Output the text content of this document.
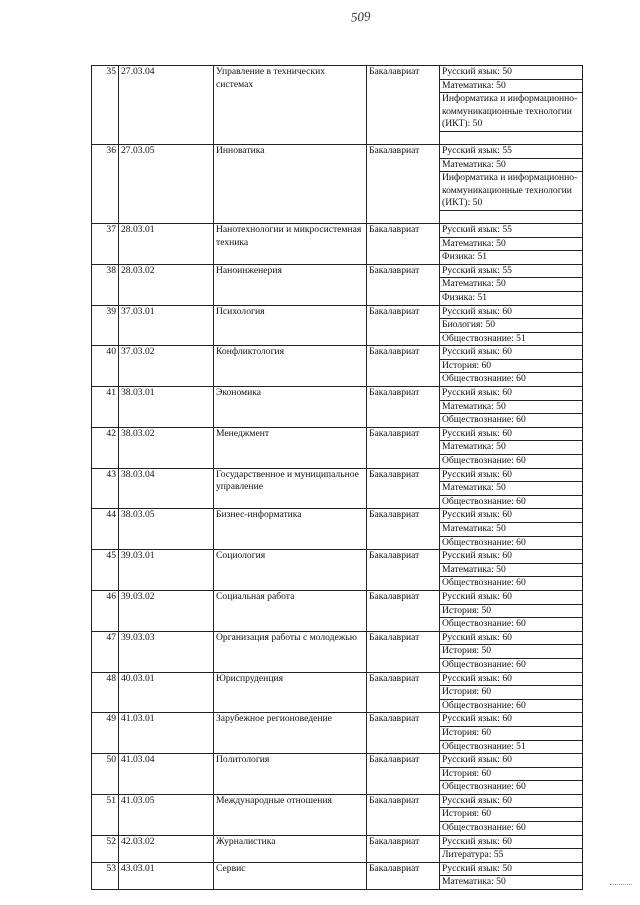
509
35	27.03.04	Управление в технических системах	Бакалавриат	Русский язык: 50
				Математика: 50
				Информатика и информационно-коммуникационные технологии (ИКТ): 50

36	27.03.05	Инноватика	Бакалавриат	Русский язык: 55
				Математика: 50
				Информатика и информационно-коммуникационные технологии (ИКТ): 50

37	28.03.01	Нанотехнологии и микросистемная техника	Бакалавриат	Русский язык: 55
				Математика: 50
				Физика: 51
38	28.03.02	Наноинженерия	Бакалавриат	Русский язык: 55
				Математика: 50
				Физика: 51
39	37.03.01	Психология	Бакалавриат	Русский язык: 60
				Биология: 50
				Обществознание: 51
40	37.03.02	Конфликтология	Бакалавриат	Русский язык: 60
				История: 60
				Обществознание: 60
41	38.03.01	Экономика	Бакалавриат	Русский язык: 60
				Математика: 50
				Обществознание: 60
42	38.03.02	Менеджмент	Бакалавриат	Русский язык: 60
				Математика: 50
				Обществознание: 60
43	38.03.04	Государственное и муниципальное управление	Бакалавриат	Русский язык: 60
				Математика: 50
				Обществознание: 60
44	38.03.05	Бизнес-информатика	Бакалавриат	Русский язык: 60
				Математика: 50
				Обществознание: 60
45	39.03.01	Социология	Бакалавриат	Русский язык: 60
				Математика: 50
				Обществознание: 60
46	39.03.02	Социальная работа	Бакалавриат	Русский язык: 60
				История: 50
				Обществознание: 60
47	39.03.03	Организация работы с молодежью	Бакалавриат	Русский язык: 60
				История: 50
				Обществознание: 60
48	40.03.01	Юриспруденция	Бакалавриат	Русский язык: 60
				История: 60
				Обществознание: 60
49	41.03.01	Зарубежное регионоведение	Бакалавриат	Русский язык: 60
				История: 60
				Обществознание: 51
50	41.03.04	Политология	Бакалавриат	Русский язык: 60
				История: 60
				Обществознание: 60
51	41.03.05	Международные отношения	Бакалавриат	Русский язык: 60
				История: 60
				Обществознание: 60
52	42.03.02	Журналистика	Бакалавриат	Русский язык: 60
				Литература: 55
53	43.03.01	Сервис	Бакалавриат	Русский язык: 50
				Математика: 50
